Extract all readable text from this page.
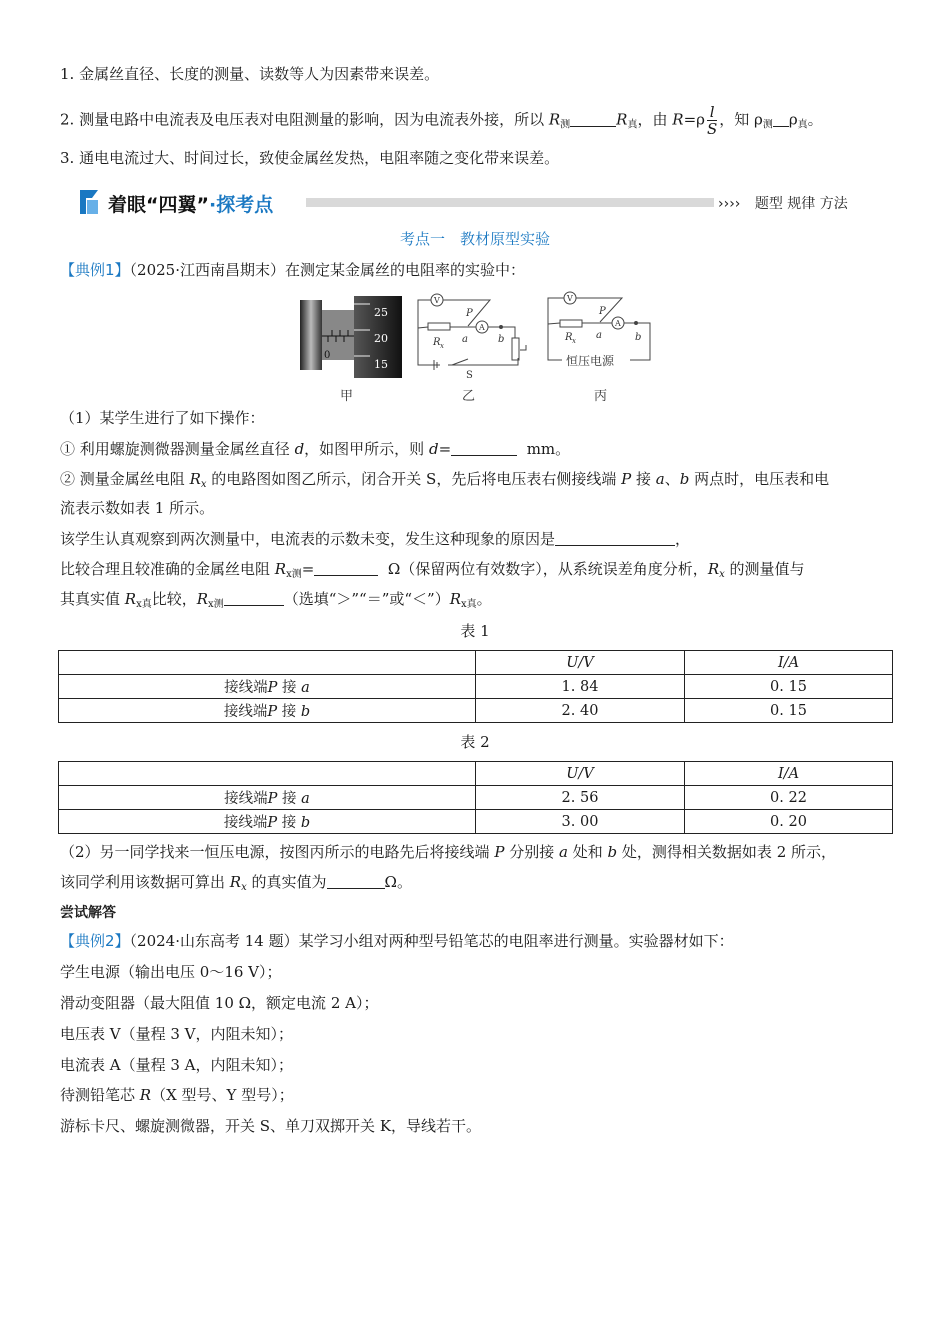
1. 金属丝直径、长度的测量、读数等人为因素带来误差。
2. 测量电路中电流表及电压表对电阻测量的影响，因为电流表外接，所以 $R_测$	$R_真$，由 $R=\rho \frac{l}{S}$ ，知 $\rho_测$ $\rho_真$。
3. 通电电流过大、时间过长，致使金属丝发热，电阻率随之变化带来误差。
着眼“四翼”·探考点	›››› 题型 规律 方法
考点一　教材原型实验
【典例1】（2025·江西南昌期末）在测定某金属丝的电阻率的实验中：
0
25
20
15
V
A
P
a	b
R x
S
V
A
P
a	b
R x
恒压电源
甲	乙	丙
（1）某学生进行了如下操作：
① 利用螺旋测微器测量金属丝直径 d，如图甲所示，则 d=	mm。
② 测量金属丝电阻 $R_x$ 的电路图如图乙所示，闭合开关 S，先后将电压表右侧接线端 P 接 a、b 两点时，电压表和电
流表示数如表 1 所示。
该学生认真观察到两次测量中，电流表的示数未变，发生这种现象的原因是	，
比较合理且较准确的金属丝电阻 $R_{x测}=$	Ω（保留两位有效数字），从系统误差角度分析，$R_x$ 的测量值与
其真实值 $R_{x真}$比较，$R_{x测}$	（选填“＞”“＝”或“$<”)R_{x真}$。
表 1
	U/V	I/A
接线端P 接 a	1. 84	0. 15
接线端P 接 b	2. 40	0. 15
表 2
	U/V	I/A
接线端P 接 a	2. 56	0. 22
接线端P 接 b	3. 00	0. 20
（2）另一同学找来一恒压电源，按图丙所示的电路先后将接线端 P 分别接 a 处和 b 处，测得相关数据如表 2 所示，
该同学利用该数据可算出 $R_x$ 的真实值为	Ω。
尝试解答
【典例2】（2024·山东高考 14 题）某学习小组对两种型号铅笔芯的电阻率进行测量。实验器材如下：
学生电源（输出电压 0～16 V）；
滑动变阻器（最大阻值 10 Ω，额定电流 2 A）；
电压表 V（量程 3 V，内阻未知）；
电流表 A（量程 3 A，内阻未知）；
待测铅笔芯 R（X 型号、Y 型号）；
游标卡尺、螺旋测微器，开关 S、单刀双掷开关 K，导线若干。
